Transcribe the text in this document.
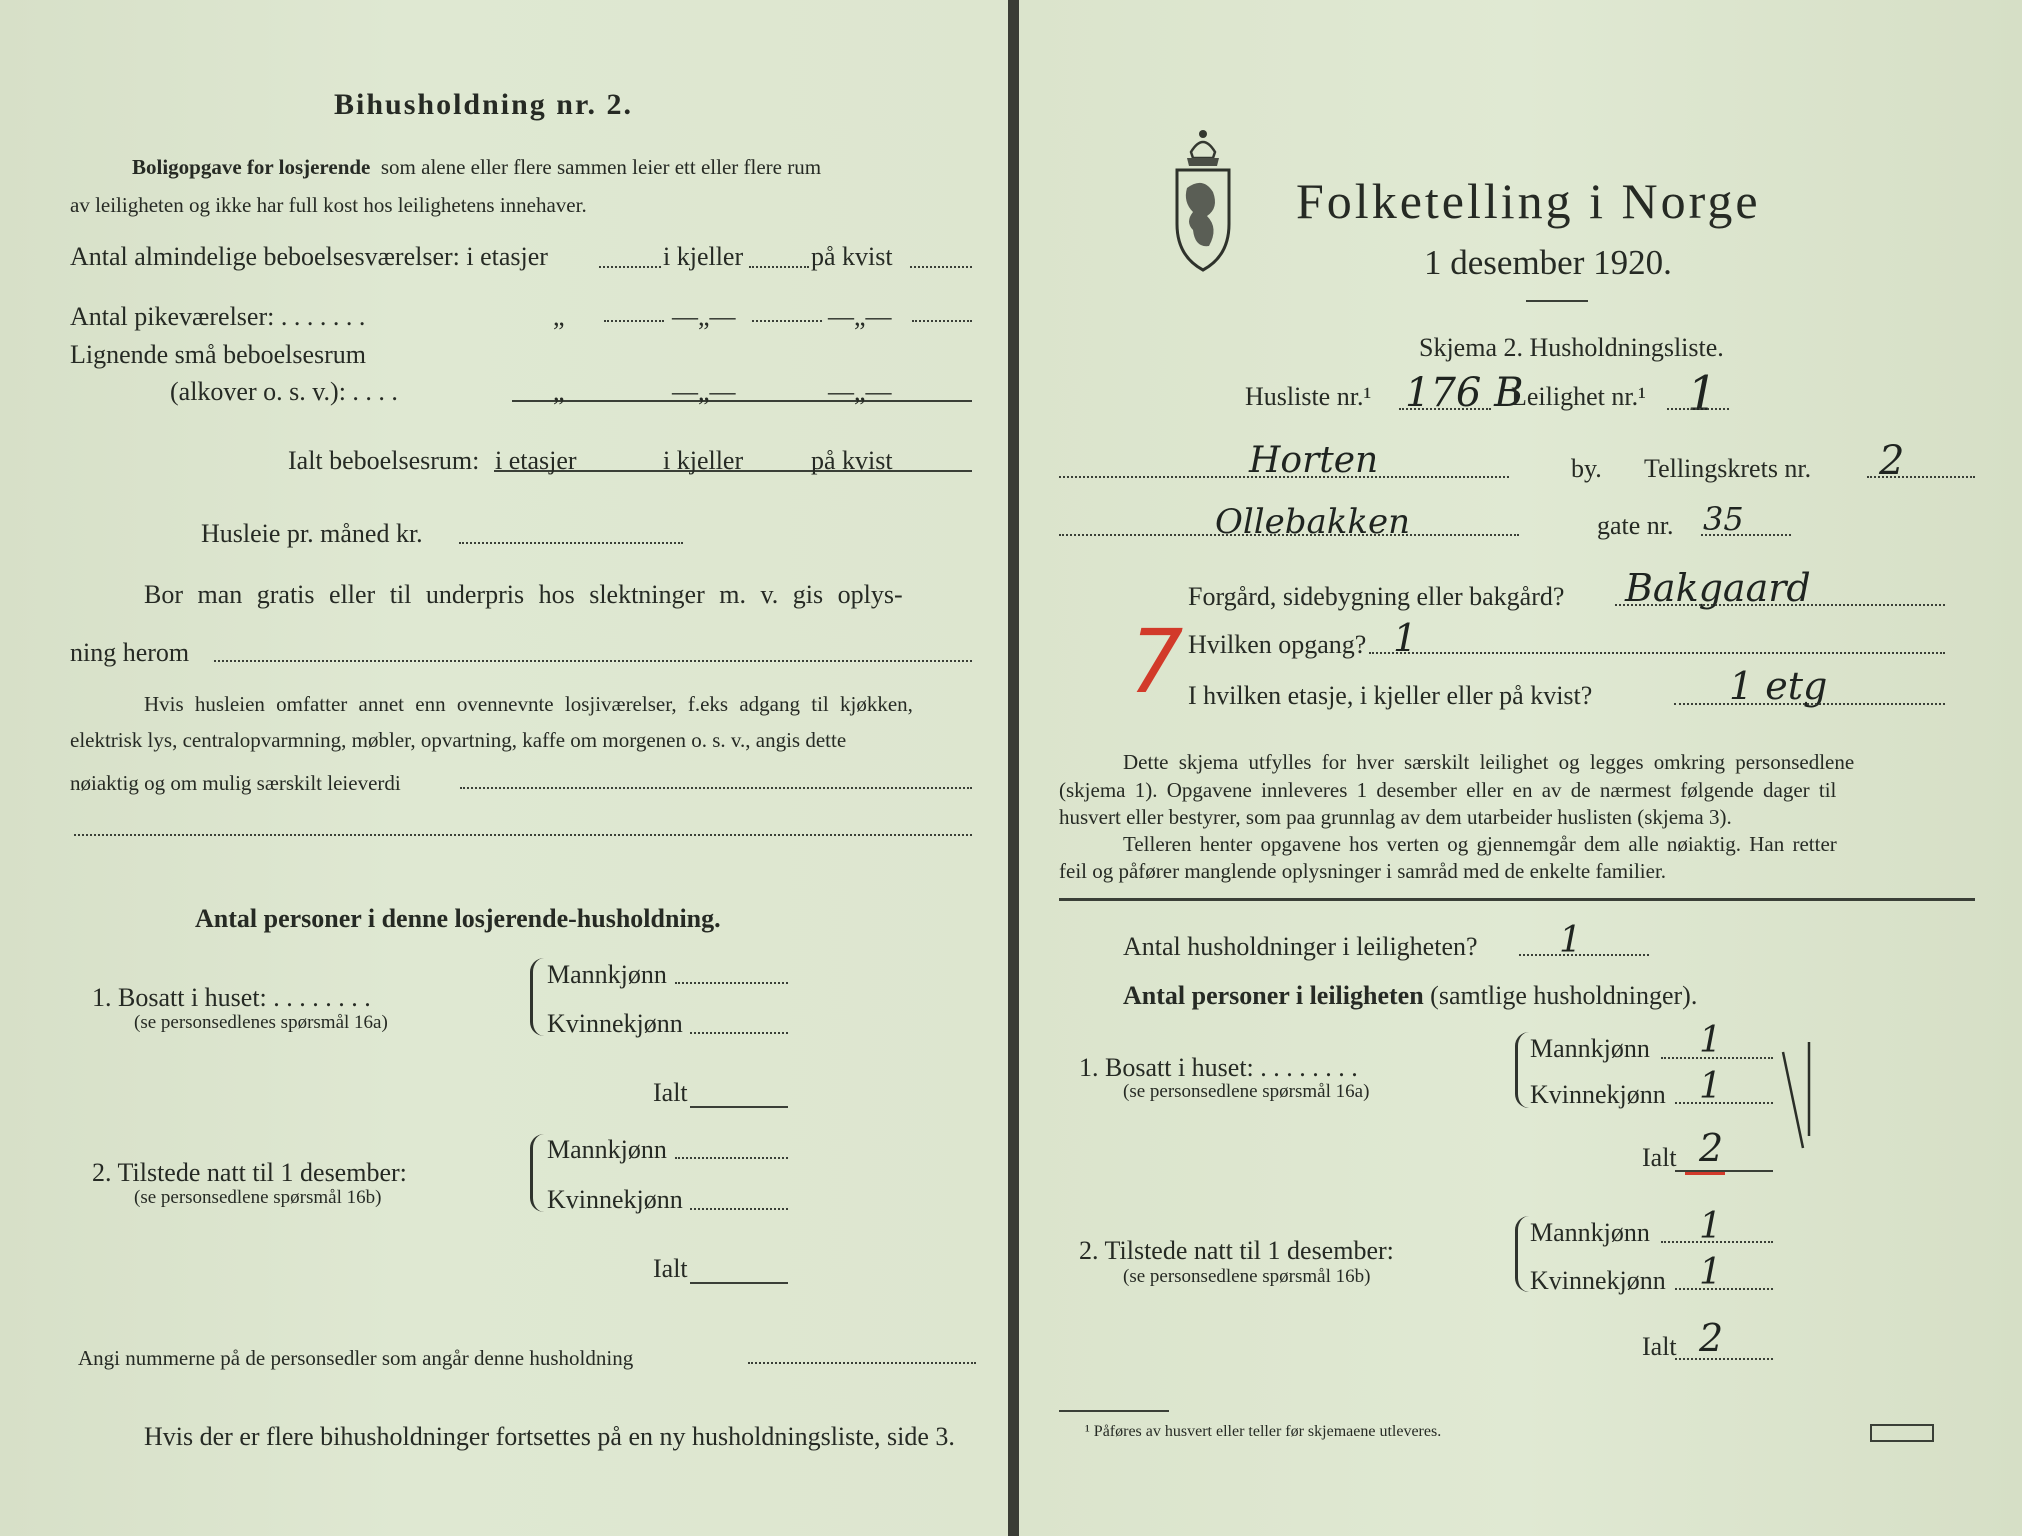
Bihusholdning nr. 2.
Boligopgave for losjerende som alene eller flere sammen leier ett eller flere rum
av leiligheten og ikke har full kost hos leilighetens innehaver.
Antal almindelige beboelsesværelser: i etasjer	i kjeller	på kvist
Antal pikeværelser: . . . . . . .	„	—„—	—„—
Lignende små beboelsesrum
(alkover o. s. v.): . . . .	„	—„—	—„—
Ialt beboelsesrum: i etasjer	i kjeller	på kvist
Husleie pr. måned kr.
Bor man gratis eller til underpris hos slektninger m. v. gis oplys-
ning herom
Hvis husleien omfatter annet enn ovennevnte losjiværelser, f.eks adgang til kjøkken,
elektrisk lys, centralopvarmning, møbler, opvartning, kaffe om morgenen o. s. v., angis dette
nøiaktig og om mulig særskilt leieverdi
Antal personer i denne losjerende-husholdning.
1. Bosatt i huset: . . . . . . . .
(se personsedlenes spørsmål 16a)
Mannkjønn
Kvinnekjønn
Ialt
2. Tilstede natt til 1 desember:
(se personsedlene spørsmål 16b)
Mannkjønn
Kvinnekjønn
Ialt
Angi nummerne på de personsedler som angår denne husholdning
Hvis der er flere bihusholdninger fortsettes på en ny husholdningsliste, side 3.
Folketelling i Norge
1 desember 1920.
Skjema 2. Husholdningsliste.
Husliste nr.¹ 176 B
Leilighet nr.¹ 1
Horten	by. Tellingskrets nr. 2
Ollebakken	gate nr. 35
Forgård, sidebygning eller bakgård? Bakgaard
7
Hvilken opgang? 1
I hvilken etasje, i kjeller eller på kvist?	1 etg
Dette skjema utfylles for hver særskilt leilighet og legges omkring personsedlene
(skjema 1). Opgavene innleveres 1 desember eller en av de nærmest følgende dager til
husvert eller bestyrer, som paa grunnlag av dem utarbeider huslisten (skjema 3).
Telleren henter opgavene hos verten og gjennemgår dem alle nøiaktig. Han retter
feil og påfører manglende oplysninger i samråd med de enkelte familier.
Antal husholdninger i leiligheten? 1
Antal personer i leiligheten (samtlige husholdninger).
1. Bosatt i huset: . . . . . . . .
(se personsedlene spørsmål 16a)
Mannkjønn 1
Kvinnekjønn 1
Ialt 2
2. Tilstede natt til 1 desember:
(se personsedlene spørsmål 16b)
Mannkjønn 1
Kvinnekjønn 1
Ialt 2
¹ Påføres av husvert eller teller før skjemaene utleveres.
